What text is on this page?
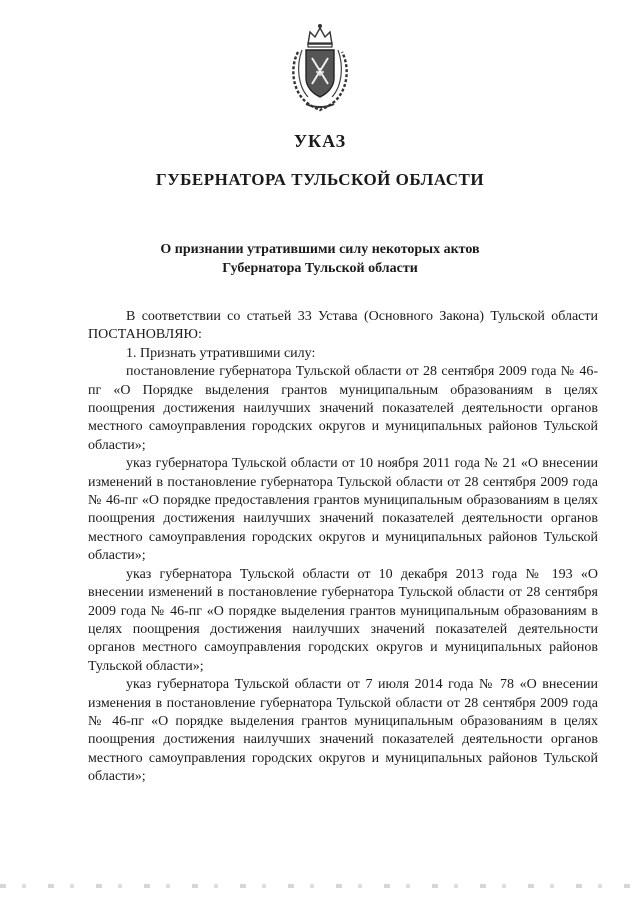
УКАЗ
ГУБЕРНАТОРА ТУЛЬСКОЙ ОБЛАСТИ
О признании утратившими силу некоторых актов
Губернатора Тульской области

В соответствии со статьей 33 Устава (Основного Закона) Тульской области ПОСТАНОВЛЯЮ:

1. Признать утратившими силу:

постановление губернатора Тульской области от 28 сентября 2009 года № 46-пг «О Порядке выделения грантов муниципальным образованиям в целях поощрения достижения наилучших значений показателей деятельности органов местного самоуправления городских округов и муниципальных районов Тульской области»;

указ губернатора Тульской области от 10 ноября 2011 года № 21 «О внесении изменений в постановление губернатора Тульской области от 28 сентября 2009 года № 46-пг «О порядке предоставления грантов муниципальным образованиям в целях поощрения достижения наилучших значений показателей деятельности органов местного самоуправления городских округов и муниципальных районов Тульской области»;

указ губернатора Тульской области от 10 декабря 2013 года № 193 «О внесении изменений в постановление губернатора Тульской области от 28 сентября 2009 года № 46-пг «О порядке выделения грантов муниципальным образованиям в целях поощрения достижения наилучших значений показателей деятельности органов местного самоуправления городских округов и муниципальных районов Тульской области»;

указ губернатора Тульской области от 7 июля 2014 года № 78 «О внесении изменения в постановление губернатора Тульской области от 28 сентября 2009 года № 46-пг «О порядке выделения грантов муниципальным образованиям в целях поощрения достижения наилучших значений показателей деятельности органов местного самоуправления городских округов и муниципальных районов Тульской области»;
